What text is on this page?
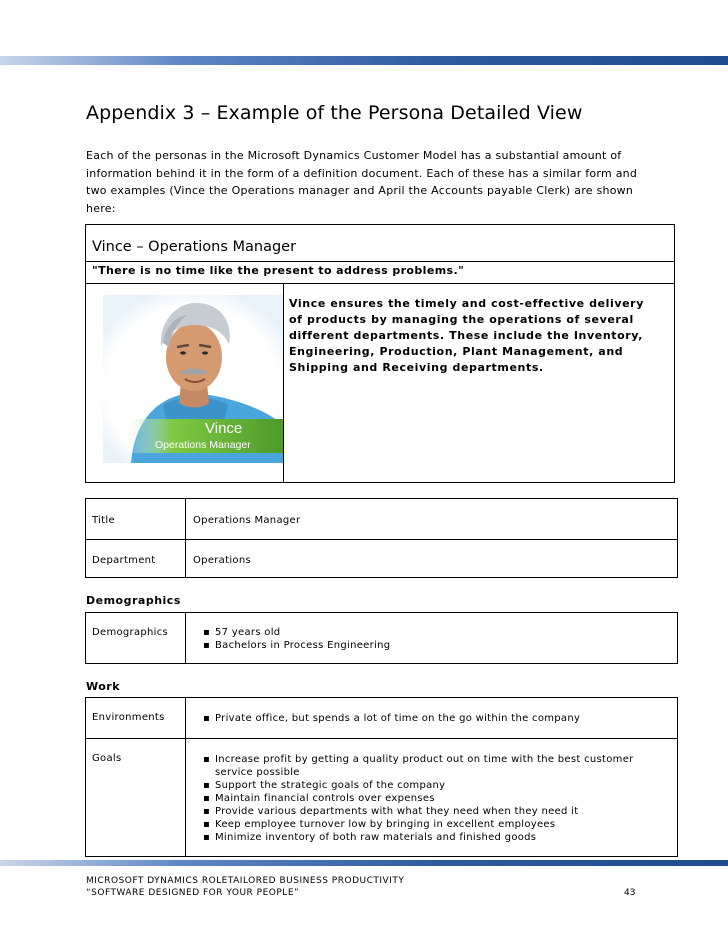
Appendix 3 – Example of the Persona Detailed View

Each of the personas in the Microsoft Dynamics Customer Model has a substantial amount of information behind it in the form of a definition document. Each of these has a similar form and two examples (Vince the Operations manager and April the Accounts payable Clerk) are shown here:

Vince – Operations Manager
"There is no time like the present to address problems."
Vince
Operations Manager

Vince ensures the timely and cost-effective delivery of products by managing the operations of several different departments. These include the Inventory, Engineering, Production, Plant Management, and Shipping and Receiving departments.

Title	Operations Manager
Department	Operations
Demographics
Demographics	▪ 57 years old
▪ Bachelors in Process Engineering
Work
Environments	▪ Private office, but spends a lot of time on the go within the company
Goals	▪ Increase profit by getting a quality product out on time with the best customer service possible
▪ Support the strategic goals of the company
▪ Maintain financial controls over expenses
▪ Provide various departments with what they need when they need it
▪ Keep employee turnover low by bringing in excellent employees
▪ Minimize inventory of both raw materials and finished goods
MICROSOFT DYNAMICS ROLETAILORED BUSINESS PRODUCTIVITY
“SOFTWARE DESIGNED FOR YOUR PEOPLE”	43
